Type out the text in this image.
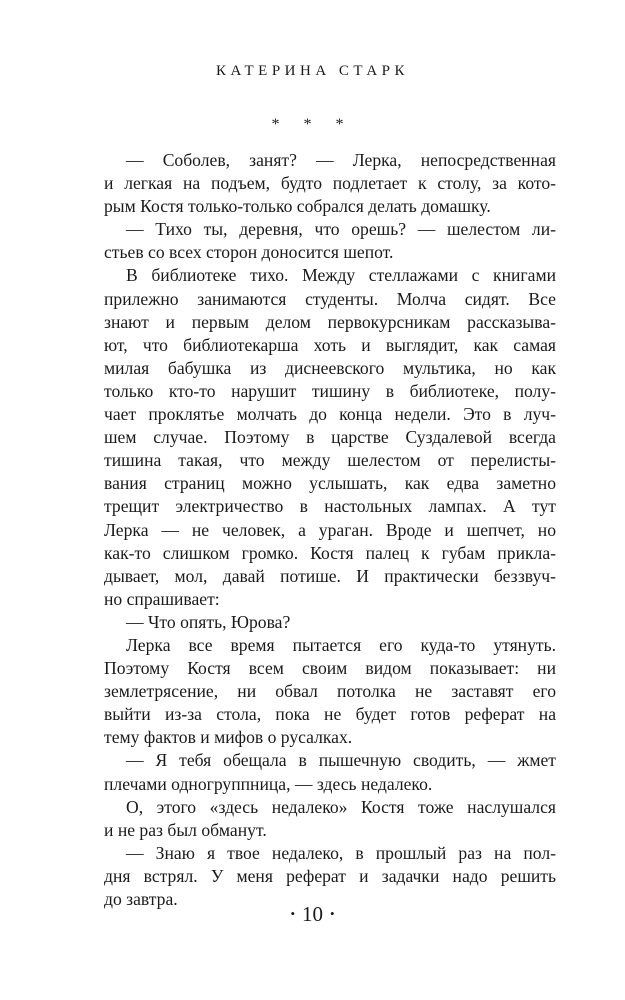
КАТЕРИНА СТАРК
* * *

— Соболев, занят? — Лерка, непосредственная
и легкая на подъем, будто подлетает к столу, за кото-
рым Костя только-только собрался делать домашку.

— Тихо ты, деревня, что орешь? — шелестом ли-
стьев со всех сторон доносится шепот.

В библиотеке тихо. Между стеллажами с книгами
прилежно занимаются студенты. Молча сидят. Все
знают и первым делом первокурсникам рассказыва-
ют, что библиотекарша хоть и выглядит, как самая
милая бабушка из диснеевского мультика, но как
только кто-то нарушит тишину в библиотеке, полу-
чает проклятье молчать до конца недели. Это в луч-
шем случае. Поэтому в царстве Суздалевой всегда
тишина такая, что между шелестом от перелисты-
вания страниц можно услышать, как едва заметно
трещит электричество в настольных лампах. А тут
Лерка — не человек, а ураган. Вроде и шепчет, но
как-то слишком громко. Костя палец к губам прикла-
дывает, мол, давай потише. И практически беззвуч-
но спрашивает:

— Что опять, Юрова?

Лерка все время пытается его куда-то утянуть.
Поэтому Костя всем своим видом показывает: ни
землетрясение, ни обвал потолка не заставят его
выйти из-за стола, пока не будет готов реферат на
тему фактов и мифов о русалках.

— Я тебя обещала в пышечную сводить, — жмет
плечами одногруппница, — здесь недалеко.

О, этого «здесь недалеко» Костя тоже наслушался
и не раз был обманут.

— Знаю я твое недалеко, в прошлый раз на пол-
дня встрял. У меня реферат и задачки надо решить
до завтра.

• 10 •
